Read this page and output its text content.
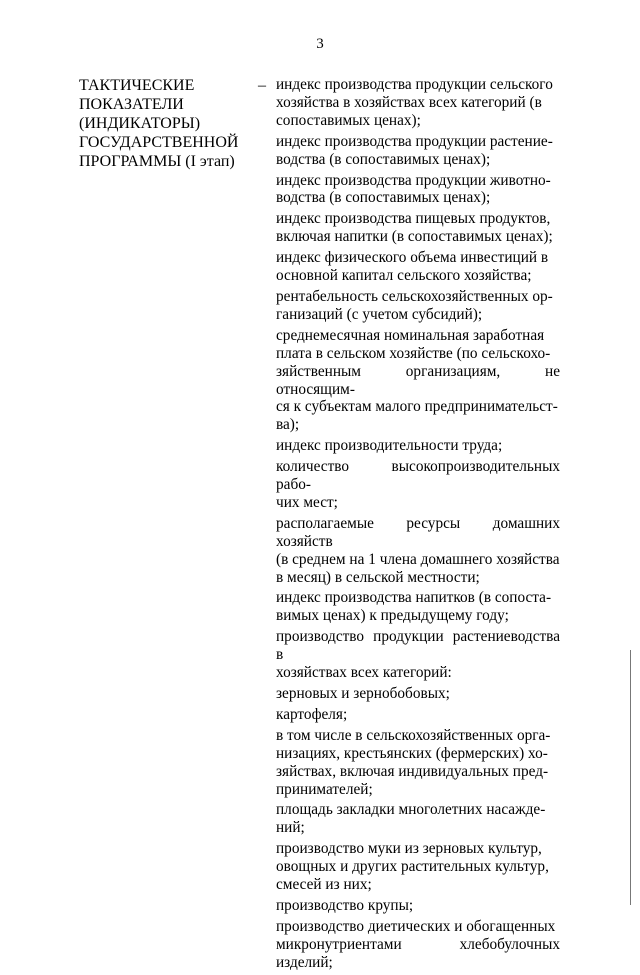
3
ТАКТИЧЕСКИЕ
ПОКАЗАТЕЛИ
(ИНДИКАТОРЫ)
ГОСУДАРСТВЕННОЙ
ПРОГРАММЫ (I этап)
– индекс производства продукции сельского
хозяйства в хозяйствах всех категорий (в
сопоставимых ценах);
индекс производства продукции растение-
водства (в сопоставимых ценах);
индекс производства продукции животно-
водства (в сопоставимых ценах);
индекс производства пищевых продуктов,
включая напитки (в сопоставимых ценах);
индекс физического объема инвестиций в
основной капитал сельского хозяйства;
рентабельность сельскохозяйственных ор-
ганизаций (с учетом субсидий);
среднемесячная номинальная заработная
плата в сельском хозяйстве (по сельскохо-
зяйственным организациям, не относящим-
ся к субъектам малого предпринимательст-
ва);
индекс производительности труда;
количество высокопроизводительных рабо-
чих мест;
располагаемые ресурсы домашних хозяйств
(в среднем на 1 члена домашнего хозяйства
в месяц) в сельской местности;
индекс производства напитков (в сопоста-
вимых ценах) к предыдущему году;
производство продукции растениеводства в
хозяйствах всех категорий:
зерновых и зернобобовых;
картофеля;
в том числе в сельскохозяйственных орга-
низациях, крестьянских (фермерских) хо-
зяйствах, включая индивидуальных пред-
принимателей;
площадь закладки многолетних насажде-
ний;
производство муки из зерновых культур,
овощных и других растительных культур,
смесей из них;
производство крупы;
производство диетических и обогащенных
микронутриентами хлебобулочных изделий;
